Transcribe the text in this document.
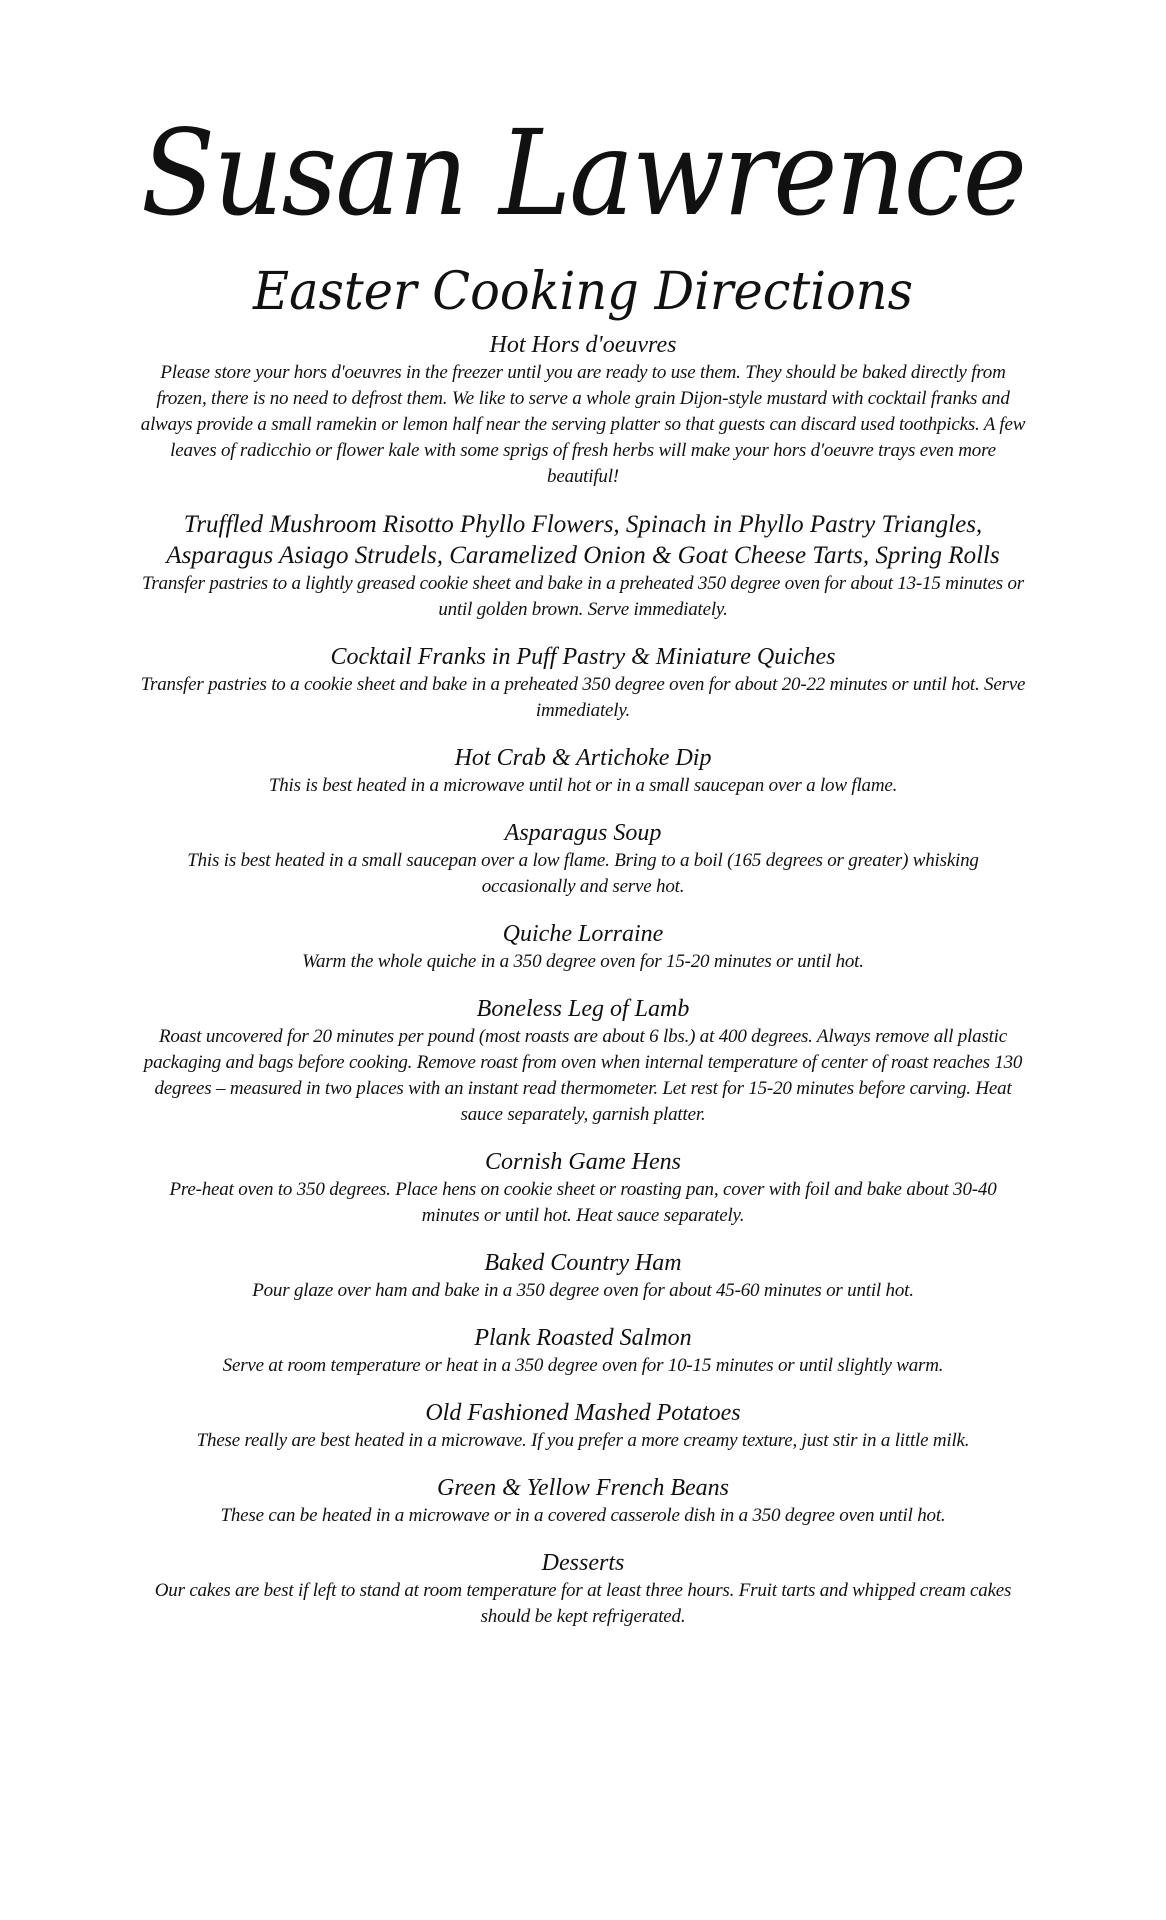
Susan Lawrence
Easter Cooking Directions
Hot Hors d'oeuvres

Please store your hors d'oeuvres in the freezer until you are ready to use them. They should be baked directly from frozen, there is no need to defrost them. We like to serve a whole grain Dijon-style mustard with cocktail franks and always provide a small ramekin or lemon half near the serving platter so that guests can discard used toothpicks. A few leaves of radicchio or flower kale with some sprigs of fresh herbs will make your hors d'oeuvre trays even more beautiful!

Truffled Mushroom Risotto Phyllo Flowers, Spinach in Phyllo Pastry Triangles, Asparagus Asiago Strudels, Caramelized Onion & Goat Cheese Tarts, Spring Rolls

Transfer pastries to a lightly greased cookie sheet and bake in a preheated 350 degree oven for about 13-15 minutes or until golden brown. Serve immediately.

Cocktail Franks in Puff Pastry & Miniature Quiches

Transfer pastries to a cookie sheet and bake in a preheated 350 degree oven for about 20-22 minutes or until hot. Serve immediately.

Hot Crab & Artichoke Dip

This is best heated in a microwave until hot or in a small saucepan over a low flame.

Asparagus Soup

This is best heated in a small saucepan over a low flame. Bring to a boil (165 degrees or greater) whisking occasionally and serve hot.

Quiche Lorraine

Warm the whole quiche in a 350 degree oven for 15-20 minutes or until hot.

Boneless Leg of Lamb

Roast uncovered for 20 minutes per pound (most roasts are about 6 lbs.) at 400 degrees. Always remove all plastic packaging and bags before cooking. Remove roast from oven when internal temperature of center of roast reaches 130 degrees – measured in two places with an instant read thermometer. Let rest for 15-20 minutes before carving. Heat sauce separately, garnish platter.

Cornish Game Hens

Pre-heat oven to 350 degrees. Place hens on cookie sheet or roasting pan, cover with foil and bake about 30-40 minutes or until hot. Heat sauce separately.

Baked Country Ham

Pour glaze over ham and bake in a 350 degree oven for about 45-60 minutes or until hot.

Plank Roasted Salmon

Serve at room temperature or heat in a 350 degree oven for 10-15 minutes or until slightly warm.

Old Fashioned Mashed Potatoes

These really are best heated in a microwave. If you prefer a more creamy texture, just stir in a little milk.

Green & Yellow French Beans

These can be heated in a microwave or in a covered casserole dish in a 350 degree oven until hot.

Desserts

Our cakes are best if left to stand at room temperature for at least three hours. Fruit tarts and whipped cream cakes should be kept refrigerated.
